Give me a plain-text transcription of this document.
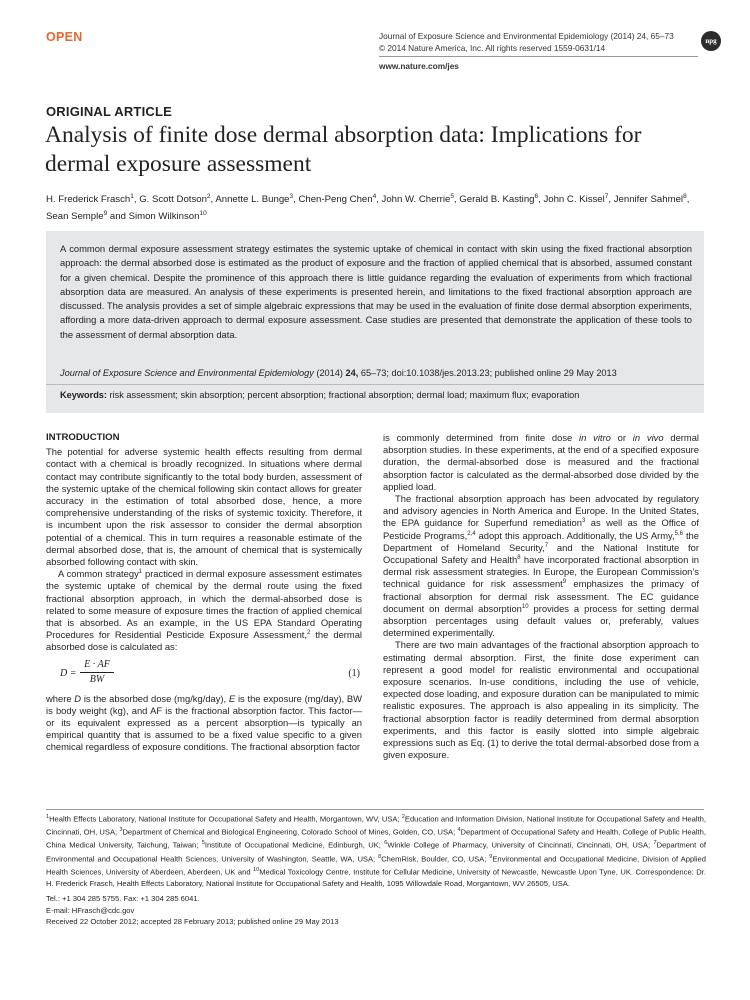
OPEN	Journal of Exposure Science and Environmental Epidemiology (2014) 24, 65–73
© 2014 Nature America, Inc. All rights reserved 1559-0631/14
www.nature.com/jes
npg
ORIGINAL ARTICLE
Analysis of finite dose dermal absorption data: Implications for dermal exposure assessment
H. Frederick Frasch$^1$, G. Scott Dotson$^2$, Annette L. Bunge$^3$, Chen-Peng Chen$^4$, John W. Cherrie$^5$, Gerald B. Kasting$^6$, John C. Kissel$^7$, Jennifer Sahmel$^8$, Sean Semple$^9$ and Simon Wilkinson$^{10}$
A common dermal exposure assessment strategy estimates the systemic uptake of chemical in contact with skin using the fixed fractional absorption approach: the dermal absorbed dose is estimated as the product of exposure and the fraction of applied chemical that is absorbed, assumed constant for a given chemical. Despite the prominence of this approach there is little guidance regarding the evaluation of experiments from which fractional absorption data are measured. An analysis of these experiments is presented herein, and limitations to the fixed fractional absorption approach are discussed. The analysis provides a set of simple algebraic expressions that may be used in the evaluation of finite dose dermal absorption experiments, affording a more data-driven approach to dermal exposure assessment. Case studies are presented that demonstrate the application of these tools to the assessment of dermal absorption data.
Journal of Exposure Science and Environmental Epidemiology (2014) 24, 65–73; doi:10.1038/jes.2013.23; published online 29 May 2013
Keywords: risk assessment; skin absorption; percent absorption; fractional absorption; dermal load; maximum flux; evaporation
INTRODUCTION

The potential for adverse systemic health effects resulting from dermal contact with a chemical is broadly recognized. In situations where dermal contact may contribute significantly to the total body burden, assessment of the systemic uptake of the chemical following skin contact allows for greater accuracy in the estimation of total absorbed dose, hence, a more comprehensive understanding of the risks of systemic toxicity. Therefore, it is incumbent upon the risk assessor to consider the dermal absorption potential of a chemical. This in turn requires a reasonable estimate of the dermal absorbed dose, that is, the amount of chemical that is systemically absorbed following contact with skin.

A common strategy$^1$ practiced in dermal exposure assessment estimates the systemic uptake of chemical by the dermal route using the fixed fractional absorption approach, in which the dermal-absorbed dose is related to some measure of exposure times the fraction of applied chemical that is absorbed. As an example, in the US EPA Standard Operating Procedures for Residential Pesticide Exposure Assessment,$^2$ the dermal absorbed dose is calculated as:

$D = \frac{E \cdot AF}{BW}$	(1)

where D is the absorbed dose (mg/kg/day), E is the exposure (mg/day), BW is body weight (kg), and AF is the fractional absorption factor. This factor—or its equivalent expressed as a percent absorption—is typically an empirical quantity that is assumed to be a fixed value specific to a given chemical regardless of exposure conditions. The fractional absorption factor

is commonly determined from finite dose in vitro or in vivo dermal absorption studies. In these experiments, at the end of a specified exposure duration, the dermal-absorbed dose is measured and the fractional absorption factor is calculated as the dermal-absorbed dose divided by the applied load.

The fractional absorption approach has been advocated by regulatory and advisory agencies in North America and Europe. In the United States, the EPA guidance for Superfund remediation$^3$ as well as the Office of Pesticide Programs,$^{2,4}$ adopt this approach. Additionally, the US Army,$^{5,6}$ the Department of Homeland Security,$^7$ and the National Institute for Occupational Safety and Health$^8$ have incorporated fractional absorption in dermal risk assessment strategies. In Europe, the European Commission’s technical guidance for risk assessment$^9$ emphasizes the primacy of fractional absorption for dermal risk assessment. The EC guidance document on dermal absorption$^{10}$ provides a process for setting dermal absorption percentages using default values or, preferably, values determined experimentally.

There are two main advantages of the fractional absorption approach to estimating dermal absorption. First, the finite dose experiment can represent a good model for realistic environmental and occupational exposure scenarios. In-use conditions, including the use of vehicle, expected dose loading, and exposure duration can be manipulated to mimic realistic exposures. The approach is also appealing in its simplicity. The fractional absorption factor is readily determined from dermal absorption experiments, and this factor is easily slotted into simple algebraic expressions such as Eq. (1) to derive the total dermal-absorbed dose from a given exposure.

$^1$Health Effects Laboratory, National Institute for Occupational Safety and Health, Morgantown, WV, USA; $^2$Education and Information Division, National Institute for Occupational Safety and Health, Cincinnati, OH, USA; $^3$Department of Chemical and Biological Engineering, Colorado School of Mines, Golden, CO, USA; $^4$Department of Occupational Safety and Health, College of Public Health, China Medical University, Taichung, Taiwan; $^5$Institute of Occupational Medicine, Edinburgh, UK; $^6$Winkle College of Pharmacy, University of Cincinnati, Cincinnati, OH, USA; $^7$Department of Environmental and Occupational Health Sciences, University of Washington, Seattle, WA, USA; $^8$ChemRisk, Boulder, CO, USA; $^9$Environmental and Occupational Medicine, Division of Applied Health Sciences, University of Aberdeen, Aberdeen, UK and $^{10}$Medical Toxicology Centre, Institute for Cellular Medicine, University of Newcastle, Newcastle Upon Tyne, UK. Correspondence: Dr. H. Frederick Frasch, Health Effects Laboratory, National Institute for Occupational Safety and Health, 1095 Willowdale Road, Morgantown, WV 26505, USA.
Tel.: +1 304 285 5755. Fax: +1 304 285 6041.
E-mail: HFrasch@cdc.gov
Received 22 October 2012; accepted 28 February 2013; published online 29 May 2013
